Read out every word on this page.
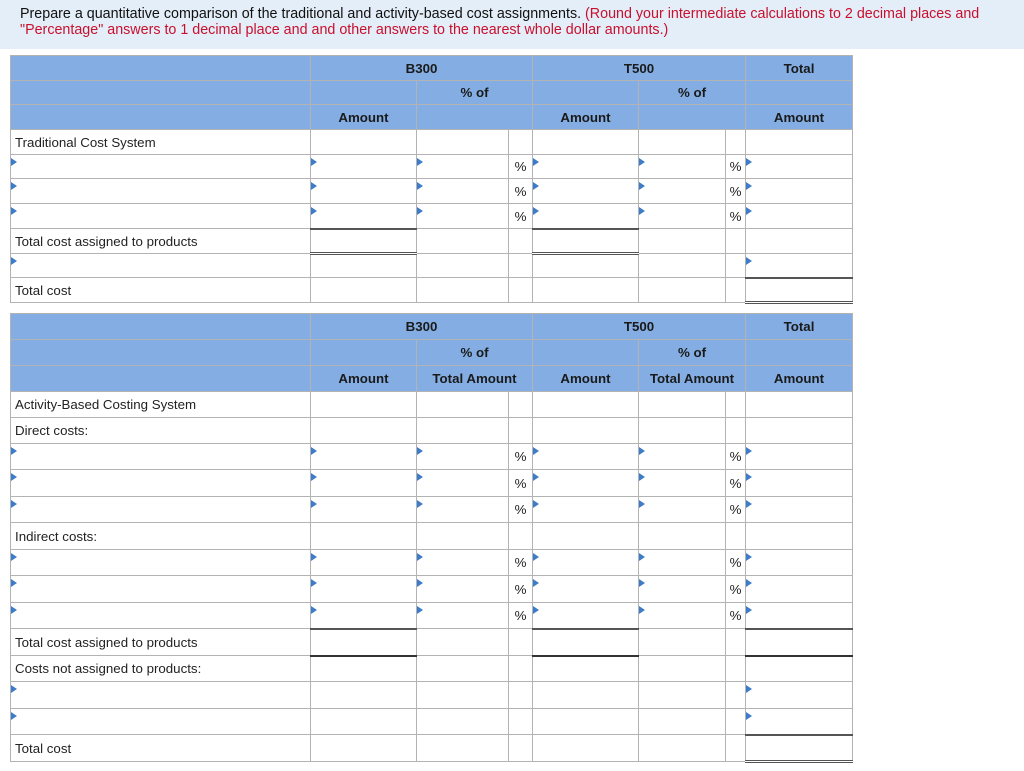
Prepare a quantitative comparison of the traditional and activity-based cost assignments. (Round your intermediate calculations to 2 decimal places and "Percentage" answers to 1 decimal place and and other answers to the nearest whole dollar amounts.)
	B300			T500			Total
		% of			% of		
	Amount			Amount			Amount
Traditional Cost System							
			%			%	
			%			%	
			%			%	
Total cost assigned to products							

Total cost							
	B300			T500			Total
		% of			% of		
	Amount	Total Amount		Amount	Total Amount		Amount
Activity-Based Costing System							
Direct costs:							
			%			%	
			%			%	
			%			%	
Indirect costs:							
			%			%	
			%			%	
			%			%	
Total cost assigned to products							
Costs not assigned to products:							

Total cost							
